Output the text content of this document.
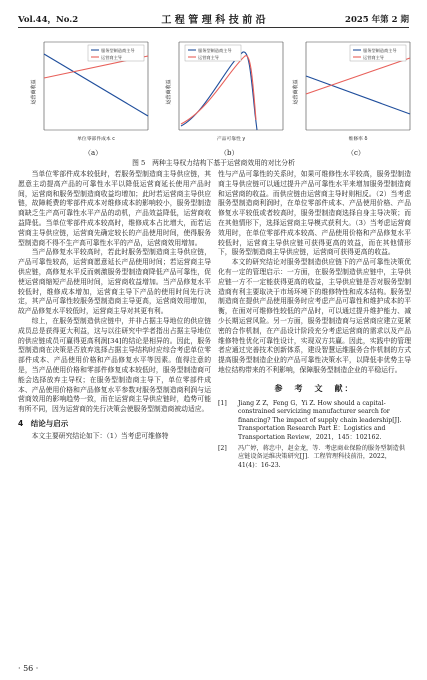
Vol.44，No.2	工 程 管 理 科 技 前 沿	2025 年第 2 期
运营商收益
服务型制造商主导
运营商主导
单位零部件成本 c
运营商收益
服务型制造商主导
运营商主导
产品可靠性 y
运营商收益
服务型制造商主导
运营商主导
维修率 δ
（a）	（b）	（c）
图 5　两种主导权力结构下基于运营商效用的对比分析

当单位零部件成本较低时，若服务型制造商主导供应链，其愿意主动提高产品的可靠性水平以降低运营商延长使用产品时间，运营商和服务型制造商收益均增加；此时若运营商主导供应链，故障耗费的零部件成本对维修成本的影响较小，服务型制造商缺乏生产高可靠性水平产品的动机，产品效益降低，运营商收益降低。当单位零部件成本较高时，维修成本占比增大，而若运营商主导供应链，运营商先确定较长的产品使用时间，使得服务型制造商不得不生产高可靠性水平的产品，运营商效用增加。

当产品修复水平较高时，若此时服务型制造商主导供应链，产品可靠性较高，运营商愿意延长产品使用时间；若运营商主导供应链，高修复水平反而刺激服务型制造商降低产品可靠性，促使运营商缩短产品使用时间，运营商收益增加。当产品修复水平较低时，维修成本增加，运营商主导下产品的使用时间先行决定，其产品可靠性较服务型制造商主导更高，运营商效用增加，故产品修复水平较低时，运营商主导对其更有利。

综上，在服务型制造供应链中，并非占据主导地位的供应链成员总是获得更大利益，这与以往研究中学者指出占据主导地位的供应链成员可赢得更高利润[34]的结论是相异的。因此，服务型制造商在决策是否放弃选择占据主导结构时应综合考虑单位零部件成本、产品使用价格和产品修复水平等因素。值得注意的是，当产品使用价格和零部件修复成本较低时，服务型制造商可能会选择放弃主导权；在服务型制造商主导下，单位零部件成本、产品使用价格和产品修复水平参数对服务型制造商利润与运营商效用的影响趋势一致，而在运营商主导供应链时，趋势可能有所不同，因为运营商的先行决策会使服务型制造商被动适应。

4　结论与启示

本文主要研究结论如下：（1）当考虑可维修特

性与产品可靠性的关系时，如果可维修性水平较高，服务型制造商主导供应链可以通过提升产品可靠性水平来增加服务型制造商和运营商的收益。而供应链由运营商主导时则相反。（2）当考虑服务型制造商利润时，在单位零部件成本、产品使用价格、产品修复水平较低或者较高时，服务型制造商选择自身主导决策；而在其他情形下，选择运营商主导模式获利大。（3）当考虑运营商效用时，在单位零部件成本较高、产品使用价格和产品修复水平较低时，运营商主导供应链可获得更高的效益，而在其他情形下，服务型制造商主导供应链，运营商可获得更高的收益。

本文的研究结论对服务型制造供应链下的产品可靠性决策优化有一定的管理启示：一方面，在服务型制造供应链中，主导供应链一方不一定能获得更高的收益，主导供应链是否对服务型制造商有利主要取决于市场环境下的维修特性和成本结构。服务型制造商在提供产品使用服务时应考虑产品可靠性和维护成本的平衡，在面对可维修性较低的产品时，可以通过提升维护能力、减少长期运营风险。另一方面，服务型制造商与运营商应建立更紧密的合作机制，在产品设计阶段充分考虑运营商的需求以及产品维修特性优化可靠性设计，实现双方共赢。因此，实践中的管理者应通过完善技术创新体系，建设智慧运维服务合作机制的方式提高服务型制造企业的产品可靠性决策水平，以降低非优势主导地位结构带来的不利影响，保障服务型制造企业的平稳运行。

参　考　文　献：
[1]	Jiang Z Z，Feng G，Yi Z. How should a capital-constrained servicizing manufacturer search for financing? The impact of supply chain leadership[J]. Transportation Research Part E：Logistics and Transportation Review，2021，145：102162.
[2]	冯广婷，蒋忠中，赵金龙，等．考虑商业保险的服务型制造供应链设备运维决策研究[J]．工程管理科技前沿，2022，41(4)：16-23.
· 56 ·
